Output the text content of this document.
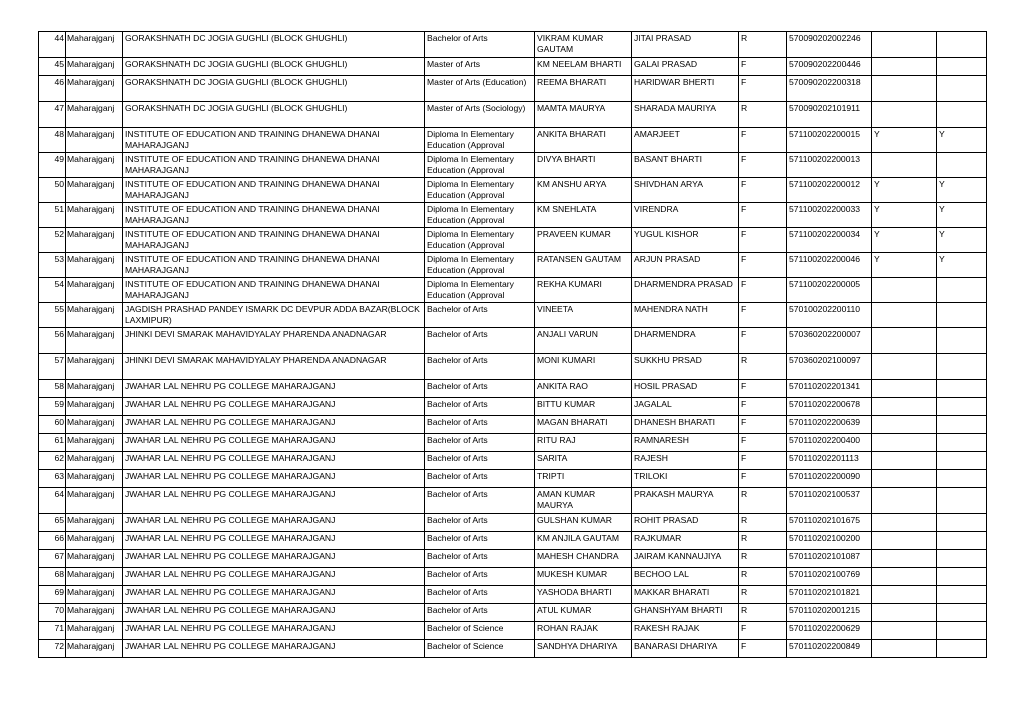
44	Maharajganj	GORAKSHNATH DC JOGIA GUGHLI (BLOCK GHUGHLI)	Bachelor of Arts	VIKRAM KUMAR GAUTAM	JITAI PRASAD	R	570090202002246		
45	Maharajganj	GORAKSHNATH DC JOGIA GUGHLI (BLOCK GHUGHLI)	Master of Arts	KM NEELAM BHARTI	GALAI PRASAD	F	570090202200446		
46	Maharajganj	GORAKSHNATH DC JOGIA GUGHLI (BLOCK GHUGHLI)	Master of Arts (Education)	REEMA BHARATI	HARIDWAR BHERTI	F	570090202200318		
47	Maharajganj	GORAKSHNATH DC JOGIA GUGHLI (BLOCK GHUGHLI)	Master of Arts (Sociology)	MAMTA MAURYA	SHARADA MAURIYA	R	570090202101911		
48	Maharajganj	INSTITUTE OF EDUCATION AND TRAINING DHANEWA DHANAI MAHARAJGANJ	Diploma In Elementary Education (Approval	ANKITA BHARATI	AMARJEET	F	571100202200015	Y	Y
49	Maharajganj	INSTITUTE OF EDUCATION AND TRAINING DHANEWA DHANAI MAHARAJGANJ	Diploma In Elementary Education (Approval	DIVYA BHARTI	BASANT BHARTI	F	571100202200013		
50	Maharajganj	INSTITUTE OF EDUCATION AND TRAINING DHANEWA DHANAI MAHARAJGANJ	Diploma In Elementary Education (Approval	KM ANSHU ARYA	SHIVDHAN ARYA	F	571100202200012	Y	Y
51	Maharajganj	INSTITUTE OF EDUCATION AND TRAINING DHANEWA DHANAI MAHARAJGANJ	Diploma In Elementary Education (Approval	KM SNEHLATA	VIRENDRA	F	571100202200033	Y	Y
52	Maharajganj	INSTITUTE OF EDUCATION AND TRAINING DHANEWA DHANAI MAHARAJGANJ	Diploma In Elementary Education (Approval	PRAVEEN KUMAR	YUGUL KISHOR	F	571100202200034	Y	Y
53	Maharajganj	INSTITUTE OF EDUCATION AND TRAINING DHANEWA DHANAI MAHARAJGANJ	Diploma In Elementary Education (Approval	RATANSEN GAUTAM	ARJUN PRASAD	F	571100202200046	Y	Y
54	Maharajganj	INSTITUTE OF EDUCATION AND TRAINING DHANEWA DHANAI MAHARAJGANJ	Diploma In Elementary Education (Approval	REKHA KUMARI	DHARMENDRA PRASAD	F	571100202200005		
55	Maharajganj	JAGDISH PRASHAD PANDEY ISMARK DC DEVPUR ADDA BAZAR(BLOCK LAXMIPUR)	Bachelor of Arts	VINEETA	MAHENDRA NATH	F	570100202200110		
56	Maharajganj	JHINKI DEVI SMARAK MAHAVIDYALAY PHARENDA ANADNAGAR	Bachelor of Arts	ANJALI VARUN	DHARMENDRA	F	570360202200007		
57	Maharajganj	JHINKI DEVI SMARAK MAHAVIDYALAY PHARENDA ANADNAGAR	Bachelor of Arts	MONI KUMARI	SUKKHU PRSAD	R	570360202100097		
58	Maharajganj	JWAHAR LAL NEHRU PG COLLEGE MAHARAJGANJ	Bachelor of Arts	ANKITA RAO	HOSIL PRASAD	F	570110202201341		
59	Maharajganj	JWAHAR LAL NEHRU PG COLLEGE MAHARAJGANJ	Bachelor of Arts	BITTU KUMAR	JAGALAL	F	570110202200678		
60	Maharajganj	JWAHAR LAL NEHRU PG COLLEGE MAHARAJGANJ	Bachelor of Arts	MAGAN BHARATI	DHANESH BHARATI	F	570110202200639		
61	Maharajganj	JWAHAR LAL NEHRU PG COLLEGE MAHARAJGANJ	Bachelor of Arts	RITU RAJ	RAMNARESH	F	570110202200400		
62	Maharajganj	JWAHAR LAL NEHRU PG COLLEGE MAHARAJGANJ	Bachelor of Arts	SARITA	RAJESH	F	570110202201113		
63	Maharajganj	JWAHAR LAL NEHRU PG COLLEGE MAHARAJGANJ	Bachelor of Arts	TRIPTI	TRILOKI	F	570110202200090		
64	Maharajganj	JWAHAR LAL NEHRU PG COLLEGE MAHARAJGANJ	Bachelor of Arts	AMAN KUMAR MAURYA	PRAKASH MAURYA	R	570110202100537		
65	Maharajganj	JWAHAR LAL NEHRU PG COLLEGE MAHARAJGANJ	Bachelor of Arts	GULSHAN KUMAR	ROHIT PRASAD	R	570110202101675		
66	Maharajganj	JWAHAR LAL NEHRU PG COLLEGE MAHARAJGANJ	Bachelor of Arts	KM ANJILA GAUTAM	RAJKUMAR	R	570110202100200		
67	Maharajganj	JWAHAR LAL NEHRU PG COLLEGE MAHARAJGANJ	Bachelor of Arts	MAHESH CHANDRA	JAIRAM KANNAUJIYA	R	570110202101087		
68	Maharajganj	JWAHAR LAL NEHRU PG COLLEGE MAHARAJGANJ	Bachelor of Arts	MUKESH KUMAR	BECHOO LAL	R	570110202100769		
69	Maharajganj	JWAHAR LAL NEHRU PG COLLEGE MAHARAJGANJ	Bachelor of Arts	YASHODA BHARTI	MAKKAR BHARATI	R	570110202101821		
70	Maharajganj	JWAHAR LAL NEHRU PG COLLEGE MAHARAJGANJ	Bachelor of Arts	ATUL KUMAR	GHANSHYAM BHARTI	R	570110202001215		
71	Maharajganj	JWAHAR LAL NEHRU PG COLLEGE MAHARAJGANJ	Bachelor of Science	ROHAN RAJAK	RAKESH RAJAK	F	570110202200629		
72	Maharajganj	JWAHAR LAL NEHRU PG COLLEGE MAHARAJGANJ	Bachelor of Science	SANDHYA DHARIYA	BANARASI DHARIYA	F	570110202200849		
